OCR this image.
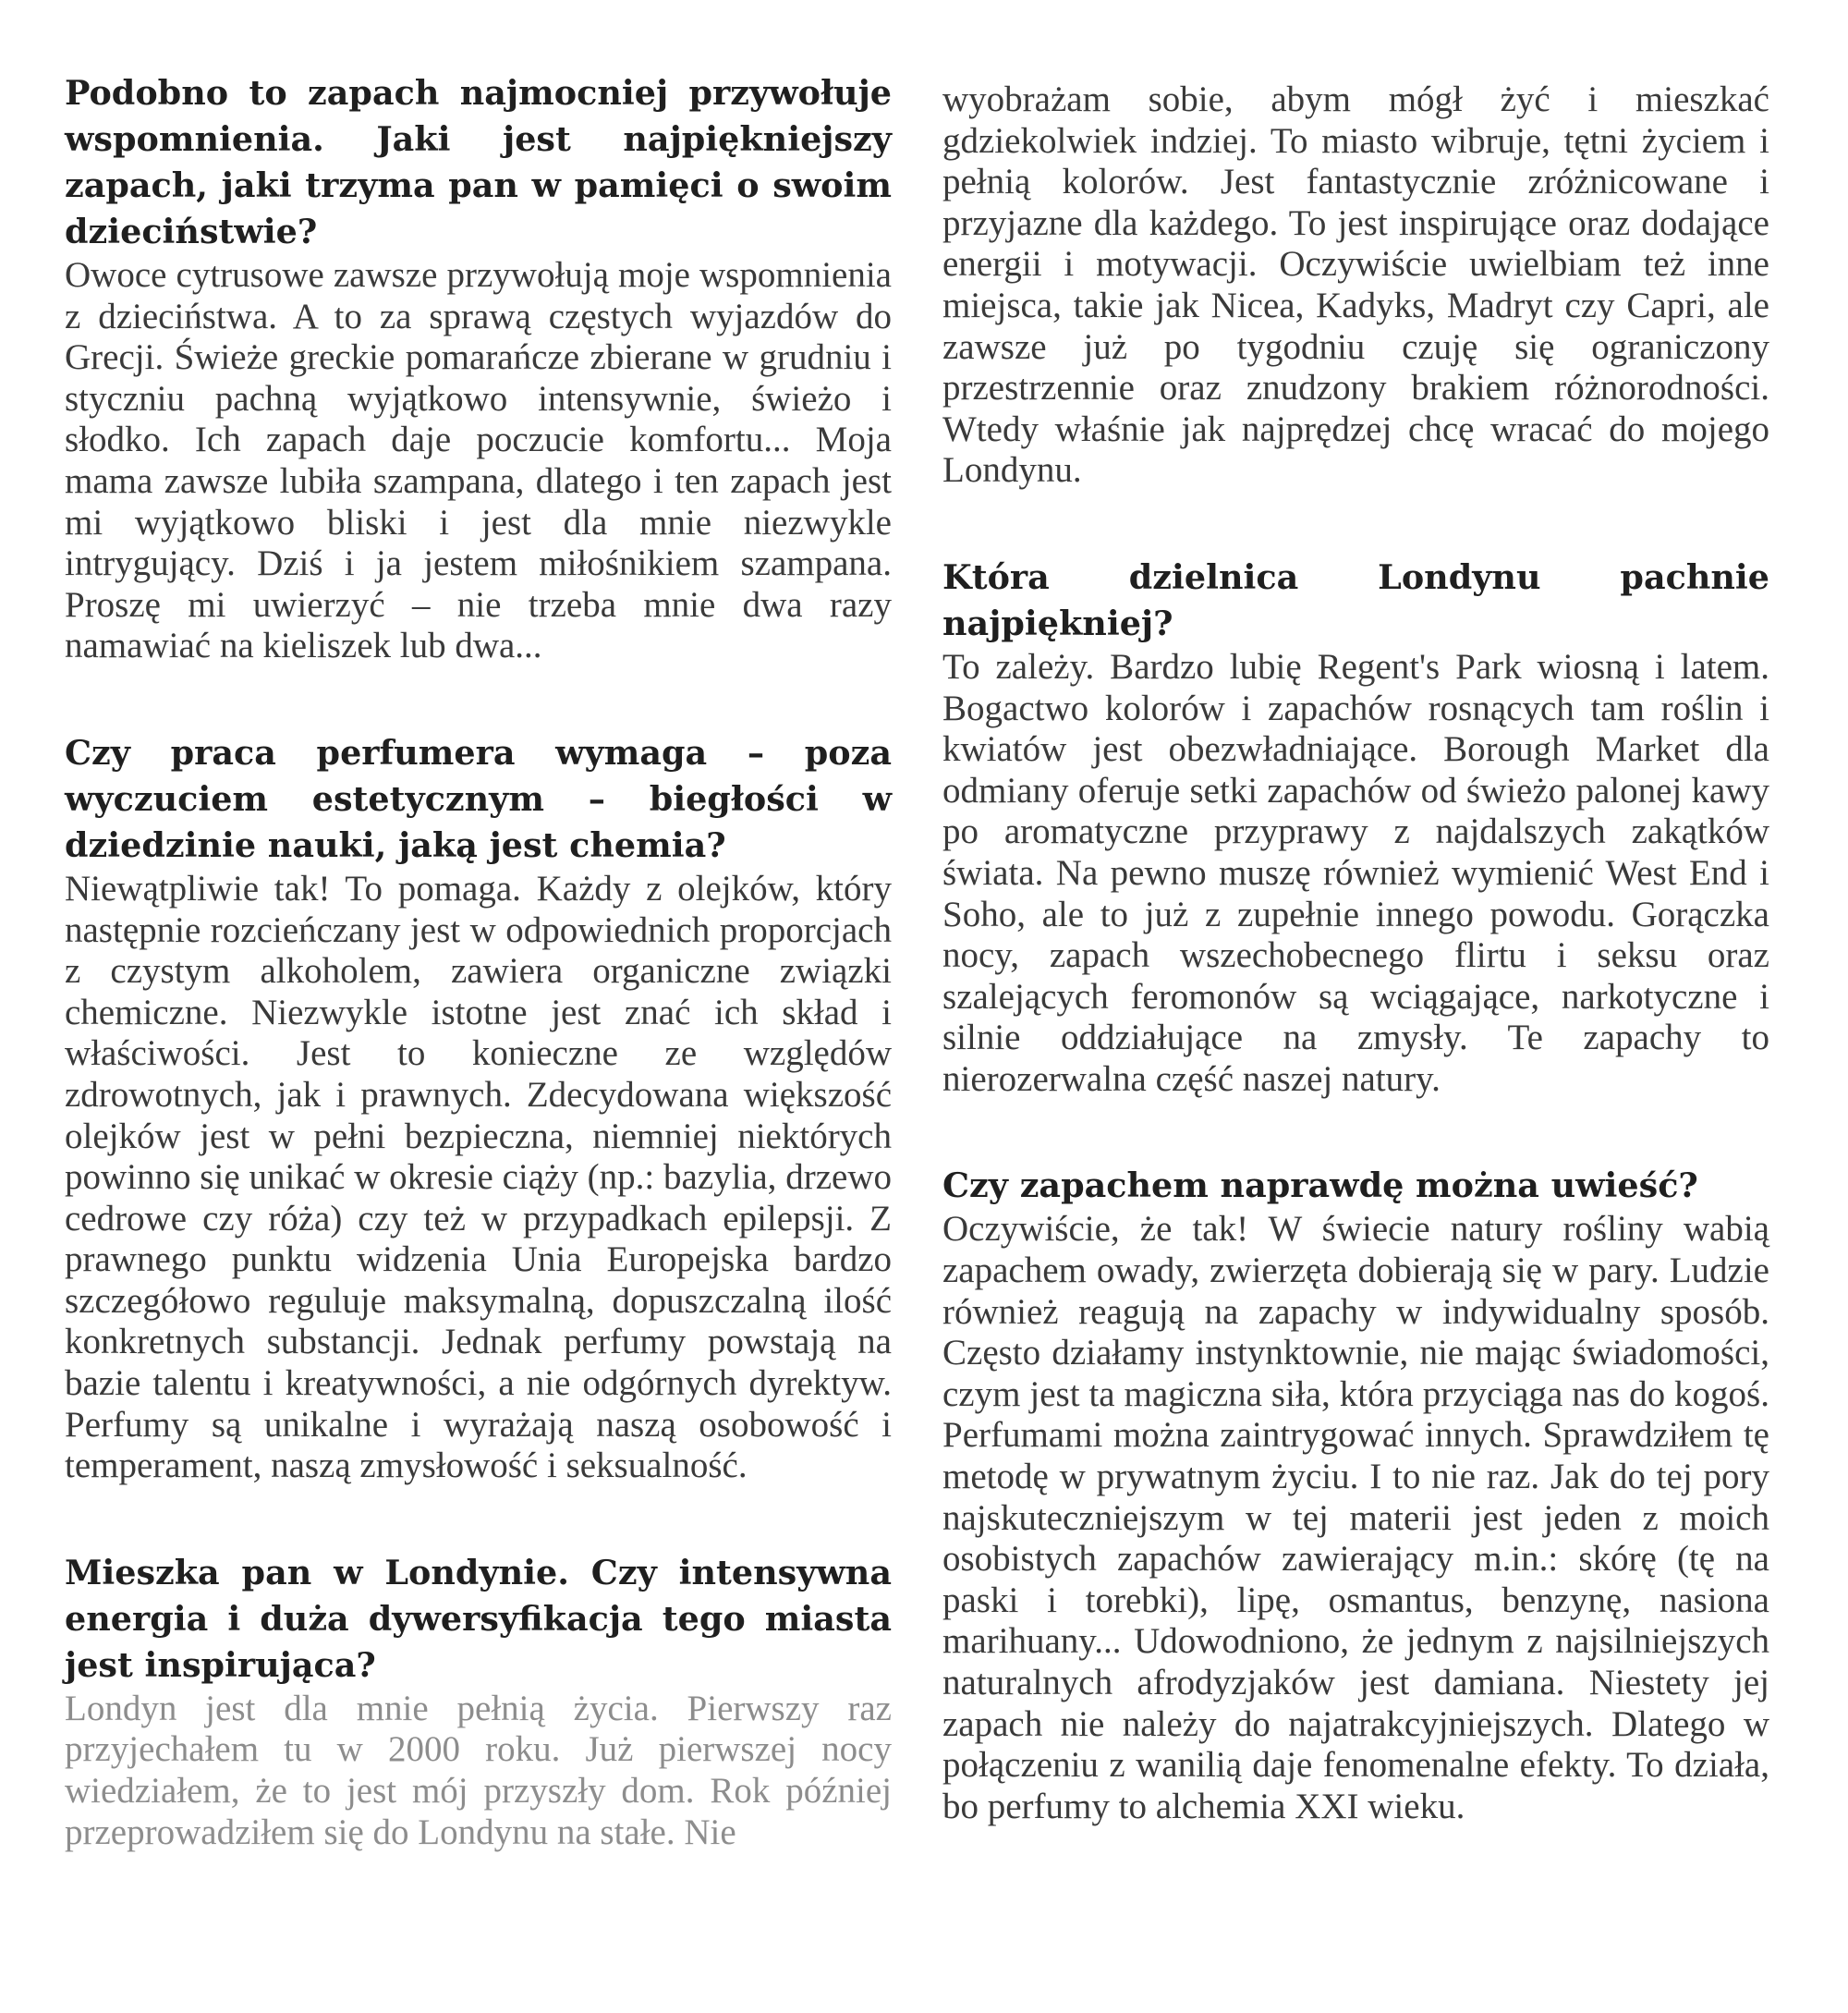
Podobno to zapach najmocniej przywołuje wspomnienia. Jaki jest najpiękniejszy zapach, jaki trzyma pan w pamięci o swoim dzieciństwie?

Owoce cytrusowe zawsze przywołują moje wspomnienia z dzieciństwa. A to za sprawą częstych wyjazdów do Grecji. Świeże greckie pomarańcze zbierane w grudniu i styczniu pachną wyjątkowo intensywnie, świeżo i słodko. Ich zapach daje poczucie komfortu... Moja mama zawsze lubiła szampana, dlatego i ten zapach jest mi wyjątkowo bliski i jest dla mnie niezwykle intrygujący. Dziś i ja jestem miłośnikiem szampana. Proszę mi uwierzyć – nie trzeba mnie dwa razy namawiać na kieliszek lub dwa...

Czy praca perfumera wymaga – poza wyczuciem estetycznym – biegłości w dziedzinie nauki, jaką jest chemia?

Niewątpliwie tak! To pomaga. Każdy z olejków, który następnie rozcieńczany jest w odpowiednich proporcjach z czystym alkoholem, zawiera organiczne związki chemiczne. Niezwykle istotne jest znać ich skład i właściwości. Jest to konieczne ze względów zdrowotnych, jak i prawnych. Zdecydowana większość olejków jest w pełni bezpieczna, niemniej niektórych powinno się unikać w okresie ciąży (np.: bazylia, drzewo cedrowe czy róża) czy też w przypadkach epilepsji. Z prawnego punktu widzenia Unia Europejska bardzo szczegółowo reguluje maksymalną, dopuszczalną ilość konkretnych substancji. Jednak perfumy powstają na bazie talentu i kreatywności, a nie odgórnych dyrektyw. Perfumy są unikalne i wyrażają naszą osobowość i temperament, naszą zmysłowość i seksualność.

Mieszka pan w Londynie. Czy intensywna energia i duża dywersyfikacja tego miasta jest inspirująca?

Londyn jest dla mnie pełnią życia. Pierwszy raz przyjechałem tu w 2000 roku. Już pierwszej nocy wiedziałem, że to jest mój przyszły dom. Rok później przeprowadziłem się do Londynu na stałe. Nie

wyobrażam sobie, abym mógł żyć i mieszkać gdziekolwiek indziej. To miasto wibruje, tętni życiem i pełnią kolorów. Jest fantastycznie zróżnicowane i przyjazne dla każdego. To jest inspirujące oraz dodające energii i motywacji. Oczywiście uwielbiam też inne miejsca, takie jak Nicea, Kadyks, Madryt czy Capri, ale zawsze już po tygodniu czuję się ograniczony przestrzennie oraz znudzony brakiem różnorodności. Wtedy właśnie jak najprędzej chcę wracać do mojego Londynu.

Która dzielnica Londynu pachnie najpiękniej?

To zależy. Bardzo lubię Regent's Park wiosną i latem. Bogactwo kolorów i zapachów rosnących tam roślin i kwiatów jest obezwładniające. Borough Market dla odmiany oferuje setki zapachów od świeżo palonej kawy po aromatyczne przyprawy z najdalszych zakątków świata. Na pewno muszę również wymienić West End i Soho, ale to już z zupełnie innego powodu. Gorączka nocy, zapach wszechobecnego flirtu i seksu oraz szalejących feromonów są wciągające, narkotyczne i silnie oddziałujące na zmysły. Te zapachy to nierozerwalna część naszej natury.

Czy zapachem naprawdę można uwieść?

Oczywiście, że tak! W świecie natury rośliny wabią zapachem owady, zwierzęta dobierają się w pary. Ludzie również reagują na zapachy w indywidualny sposób. Często działamy instynktownie, nie mając świadomości, czym jest ta magiczna siła, która przyciąga nas do kogoś. Perfumami można zaintrygować innych. Sprawdziłem tę metodę w prywatnym życiu. I to nie raz. Jak do tej pory najskuteczniejszym w tej materii jest jeden z moich osobistych zapachów zawierający m.in.: skórę (tę na paski i torebki), lipę, osmantus, benzynę, nasiona marihuany... Udowodniono, że jednym z najsilniejszych naturalnych afrodyzjaków jest damiana. Niestety jej zapach nie należy do najatrakcyjniejszych. Dlatego w połączeniu z wanilią daje fenomenalne efekty. To działa, bo perfumy to alchemia XXI wieku.
